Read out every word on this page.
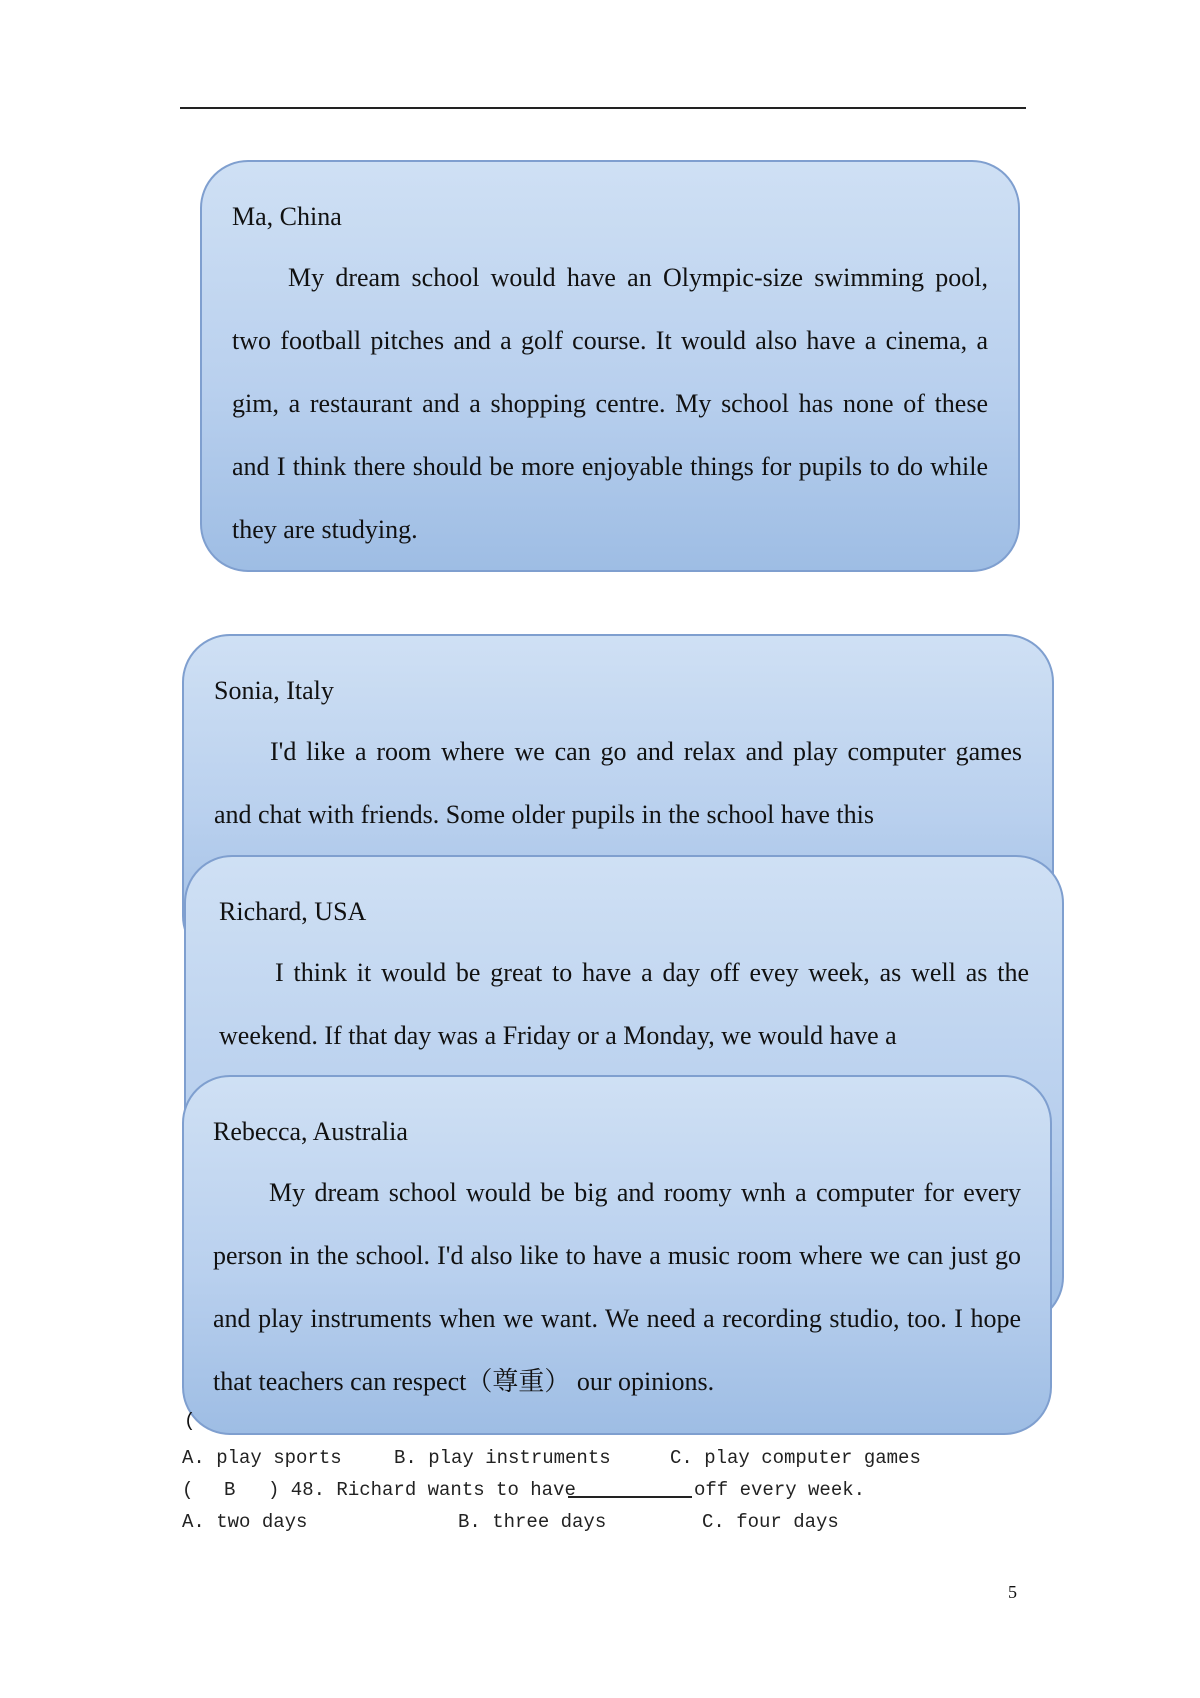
Ma, China

My dream school would have an Olympic-size swimming pool, two football pitches and a golf course. It would also have a cinema, a gim, a restaurant and a shopping centre. My school has none of these and I think there should be more enjoyable things for pupils to do while they are studying.

Sonia, Italy

I'd like a room where we can go and relax and play computer games and chat with friends. Some older pupils in the school have this

Richard, USA

I think it would be great to have a day off evey week, as well as the weekend. If that day was a Friday or a Monday, we would have a

Rebecca, Australia

My dream school would be big and roomy wnh a computer for every person in the school. I'd also like to have a music room where we can just go and play instruments when we want. We need a recording studio, too. I hope that teachers can respect（尊重） our opinions.

(

A. play sports

	B. play instruments

	C. play computer games

(

B

) 48. Richard wants to have

	off every week.

A. two days

	B. three days

	C. four days

5
